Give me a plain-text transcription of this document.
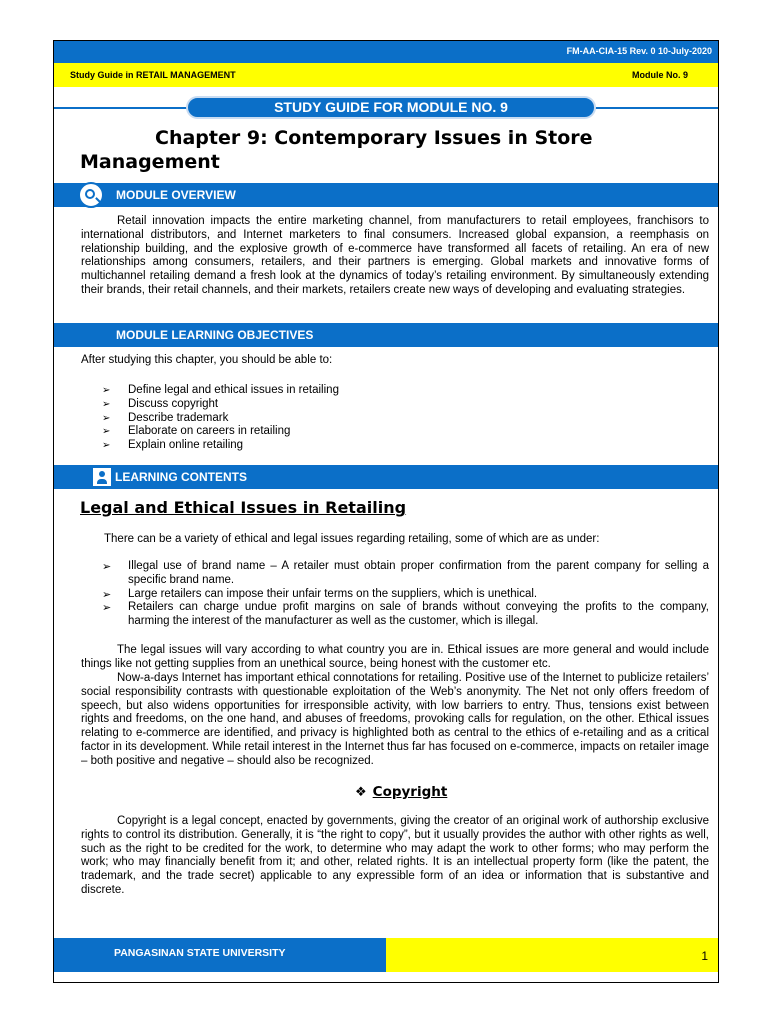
FM-AA-CIA-15 Rev. 0 10-July-2020
Study Guide in RETAIL MANAGEMENT	Module No. 9
STUDY GUIDE FOR MODULE NO. 9
Chapter 9: Contemporary Issues in Store
Management
MODULE OVERVIEW

Retail innovation impacts the entire marketing channel, from manufacturers to retail employees, franchisors to international distributors, and Internet marketers to final consumers. Increased global expansion, a reemphasis on relationship building, and the explosive growth of e-commerce have transformed all facets of retailing. An era of new relationships among consumers, retailers, and their partners is emerging. Global markets and innovative forms of multichannel retailing demand a fresh look at the dynamics of today’s retailing environment. By simultaneously extending their brands, their retail channels, and their markets, retailers create new ways of developing and evaluating strategies.

MODULE LEARNING OBJECTIVES

After studying this chapter, you should be able to:

➢ Define legal and ethical issues in retailing
➢ Discuss copyright
➢ Describe trademark
➢ Elaborate on careers in retailing
➢ Explain online retailing
LEARNING CONTENTS
Legal and Ethical Issues in Retailing

There can be a variety of ethical and legal issues regarding retailing, some of which are as under:

➢ Illegal use of brand name – A retailer must obtain proper confirmation from the parent company for selling a specific brand name.
➢ Large retailers can impose their unfair terms on the suppliers, which is unethical.
➢ Retailers can charge undue profit margins on sale of brands without conveying the profits to the company, harming the interest of the manufacturer as well as the customer, which is illegal.

The legal issues will vary according to what country you are in. Ethical issues are more general and would include things like not getting supplies from an unethical source, being honest with the customer etc.

Now-a-days Internet has important ethical connotations for retailing. Positive use of the Internet to publicize retailers’ social responsibility contrasts with questionable exploitation of the Web’s anonymity. The Net not only offers freedom of speech, but also widens opportunities for irresponsible activity, with low barriers to entry. Thus, tensions exist between rights and freedoms, on the one hand, and abuses of freedoms, provoking calls for regulation, on the other. Ethical issues relating to e-commerce are identified, and privacy is highlighted both as central to the ethics of e-retailing and as a critical factor in its development. While retail interest in the Internet thus far has focused on e-commerce, impacts on retailer image – both positive and negative – should also be recognized.

❖ Copyright

Copyright is a legal concept, enacted by governments, giving the creator of an original work of authorship exclusive rights to control its distribution. Generally, it is “the right to copy”, but it usually provides the author with other rights as well, such as the right to be credited for the work, to determine who may adapt the work to other forms; who may perform the work; who may financially benefit from it; and other, related rights. It is an intellectual property form (like the patent, the trademark, and the trade secret) applicable to any expressible form of an idea or information that is substantive and discrete.

PANGASINAN STATE UNIVERSITY	1
